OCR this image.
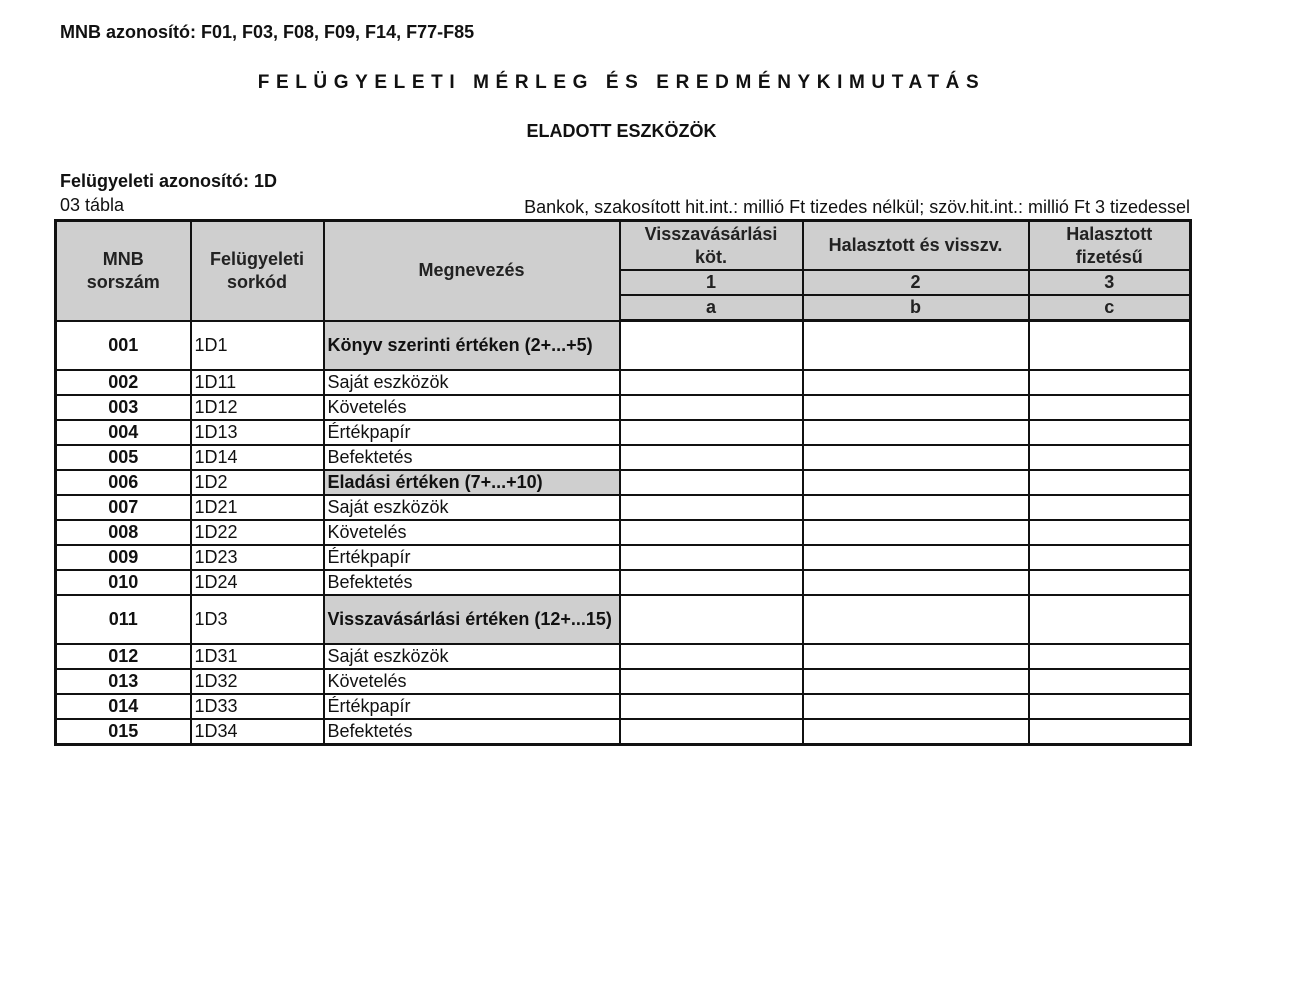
MNB azonosító: F01, F03, F08, F09, F14, F77-F85
FELÜGYELETI MÉRLEG ÉS EREDMÉNYKIMUTATÁS
ELADOTT ESZKÖZÖK
Felügyeleti azonosító: 1D
03 tábla	Bankok, szakosított hit.int.: millió Ft tizedes nélkül; szöv.hit.int.: millió Ft 3 tizedessel
MNB sorszám	Felügyeleti sorkód	Megnevezés	Visszavásárlási köt.	Halasztott és visszv.	Halasztott fizetésű
			1	2	3
			a	b	c
001	1D1	Könyv szerinti értéken (2+...+5)			
002	1D11	Saját eszközök			
003	1D12	Követelés			
004	1D13	Értékpapír			
005	1D14	Befektetés			
006	1D2	Eladási értéken (7+...+10)			
007	1D21	Saját eszközök			
008	1D22	Követelés			
009	1D23	Értékpapír			
010	1D24	Befektetés			
011	1D3	Visszavásárlási értéken (12+...15)			
012	1D31	Saját eszközök			
013	1D32	Követelés			
014	1D33	Értékpapír			
015	1D34	Befektetés			
